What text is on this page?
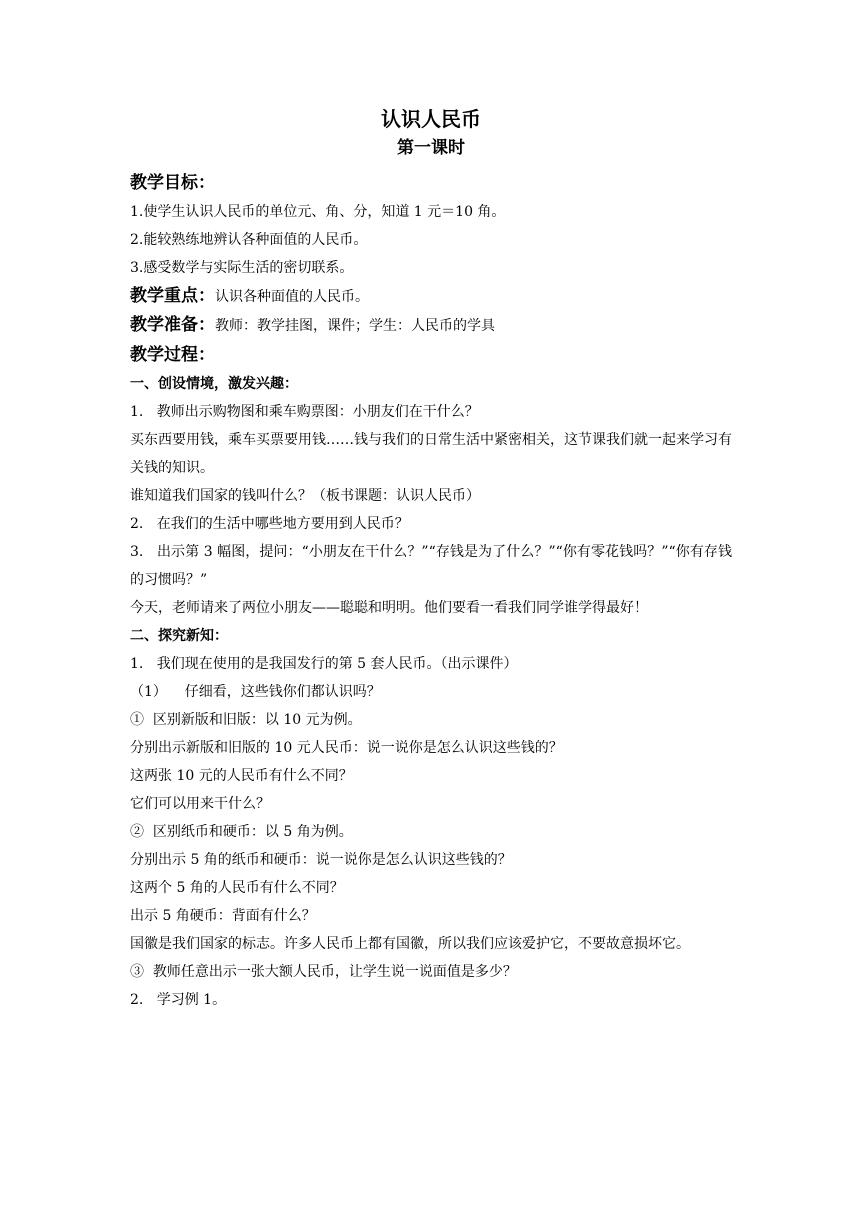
认识人民币
第一课时
教学目标：
1.使学生认识人民币的单位元、角、分，知道 1 元＝10 角。
2.能较熟练地辨认各种面值的人民币。
3.感受数学与实际生活的密切联系。
教学重点：认识各种面值的人民币。
教学准备：教师：教学挂图，课件；学生：人民币的学具
教学过程：
一、创设情境，激发兴趣：
1.   教师出示购物图和乘车购票图：小朋友们在干什么？
买东西要用钱，乘车买票要用钱……钱与我们的日常生活中紧密相关，这节课我们就一起来学习有关钱的知识。
谁知道我们国家的钱叫什么？（板书课题：认识人民币）
2.   在我们的生活中哪些地方要用到人民币？
3.   出示第 3 幅图，提问：“小朋友在干什么？”“存钱是为了什么？”“你有零花钱吗？”“你有存钱的习惯吗？”
今天，老师请来了两位小朋友——聪聪和明明。他们要看一看我们同学谁学得最好！
二、探究新知：
1.   我们现在使用的是我国发行的第 5 套人民币。（出示课件）
（1）    仔细看，这些钱你们都认识吗？
①  区别新版和旧版：以 10 元为例。
分别出示新版和旧版的 10 元人民币：说一说你是怎么认识这些钱的？
这两张 10 元的人民币有什么不同？
它们可以用来干什么？
②  区别纸币和硬币：以 5 角为例。
分别出示 5 角的纸币和硬币：说一说你是怎么认识这些钱的？
这两个 5 角的人民币有什么不同？
出示 5 角硬币：背面有什么？
国徽是我们国家的标志。许多人民币上都有国徽，所以我们应该爱护它，不要故意损坏它。
③  教师任意出示一张大额人民币，让学生说一说面值是多少？
2.   学习例 1。
